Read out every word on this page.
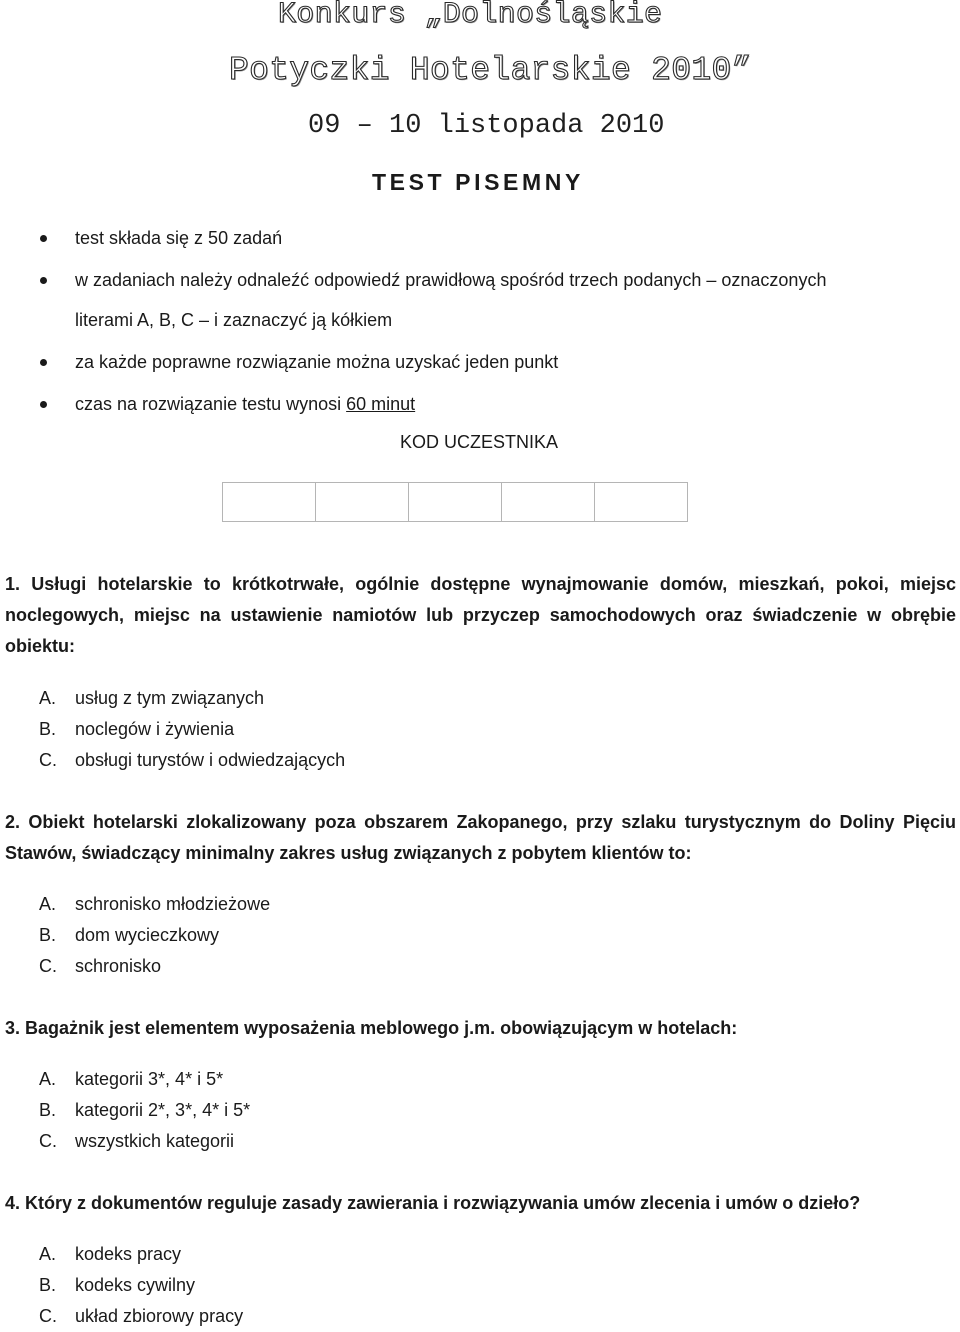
Konkurs „Dolnośląskie
Potyczki Hotelarskie 2010”
09 – 10 listopada 2010
TEST PISEMNY
test składa się z 50 zadań
w zadaniach należy odnaleźć odpowiedź prawidłową spośród trzech podanych – oznaczonych
literami A, B, C – i zaznaczyć ją kółkiem
za każde poprawne rozwiązanie można uzyskać jeden punkt
czas na rozwiązanie testu wynosi 60 minut
KOD UCZESTNIKA
1. Usługi hotelarskie to krótkotrwałe, ogólnie dostępne wynajmowanie domów, mieszkań, pokoi, miejsc noclegowych, miejsc na ustawienie namiotów lub przyczep samochodowych oraz świadczenie w obrębie obiektu:
A.	usług z tym związanych
B.	noclegów i żywienia
C.	obsługi turystów i odwiedzających
2. Obiekt hotelarski zlokalizowany poza obszarem Zakopanego, przy szlaku turystycznym do Doliny Pięciu Stawów, świadczący minimalny zakres usług związanych z pobytem klientów to:
A.	schronisko młodzieżowe
B.	dom wycieczkowy
C.	schronisko
3. Bagażnik jest elementem wyposażenia meblowego j.m. obowiązującym w hotelach:
A.	kategorii 3*, 4* i 5*
B.	kategorii 2*, 3*, 4* i 5*
C.	wszystkich kategorii
4. Który z dokumentów reguluje zasady zawierania i rozwiązywania umów zlecenia i umów o dzieło?
A.	kodeks pracy
B.	kodeks cywilny
C.	układ zbiorowy pracy
